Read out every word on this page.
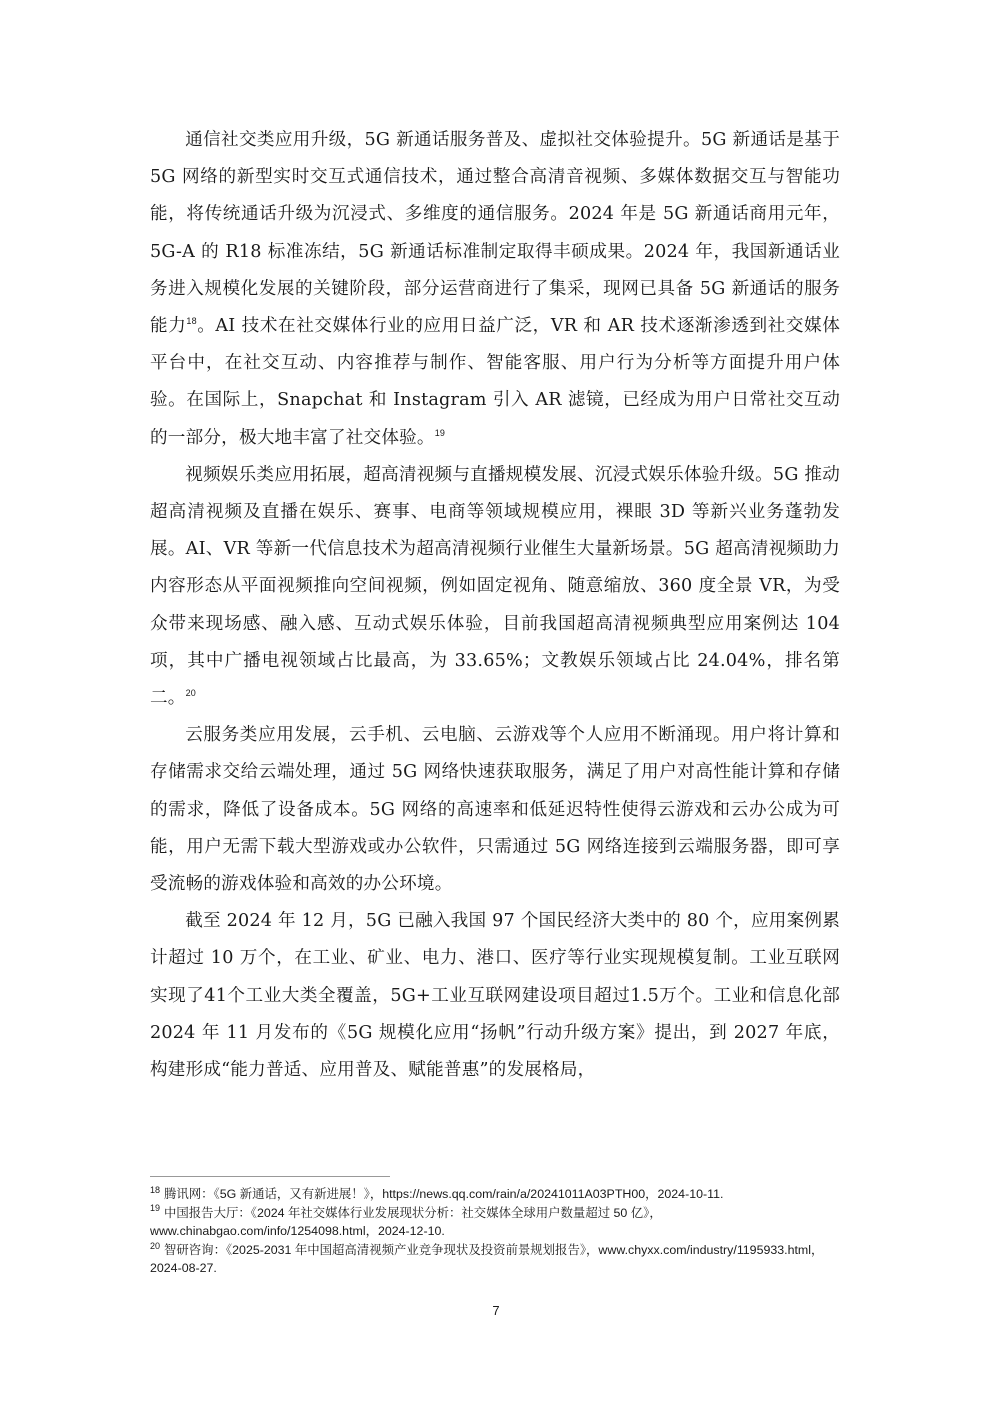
通信社交类应用升级，5G 新通话服务普及、虚拟社交体验提升。5G 新通话是基于 5G 网络的新型实时交互式通信技术，通过整合高清音视频、多媒体数据交互与智能功能，将传统通话升级为沉浸式、多维度的通信服务。2024 年是 5G 新通话商用元年，5G-A 的 R18 标准冻结，5G 新通话标准制定取得丰硕成果。2024 年，我国新通话业务进入规模化发展的关键阶段，部分运营商进行了集采，现网已具备 5G 新通话的服务能力$^{18}$。AI 技术在社交媒体行业的应用日益广泛，VR 和 AR 技术逐渐渗透到社交媒体平台中，在社交互动、内容推荐与制作、智能客服、用户行为分析等方面提升用户体验。在国际上，Snapchat 和 Instagram 引入 AR 滤镜，已经成为用户日常社交互动的一部分，极大地丰富了社交体验。$^{19}$

视频娱乐类应用拓展，超高清视频与直播规模发展、沉浸式娱乐体验升级。5G 推动超高清视频及直播在娱乐、赛事、电商等领域规模应用，裸眼 3D 等新兴业务蓬勃发展。AI、VR 等新一代信息技术为超高清视频行业催生大量新场景。5G 超高清视频助力内容形态从平面视频推向空间视频，例如固定视角、随意缩放、360 度全景 VR，为受众带来现场感、融入感、互动式娱乐体验，目前我国超高清视频典型应用案例达 104 项，其中广播电视领域占比最高，为 33.65%；文教娱乐领域占比 24.04%，排名第二。$^{20}$

云服务类应用发展，云手机、云电脑、云游戏等个人应用不断涌现。用户将计算和存储需求交给云端处理，通过 5G 网络快速获取服务，满足了用户对高性能计算和存储的需求，降低了设备成本。5G 网络的高速率和低延迟特性使得云游戏和云办公成为可能，用户无需下载大型游戏或办公软件，只需通过 5G 网络连接到云端服务器，即可享受流畅的游戏体验和高效的办公环境。

截至 2024 年 12 月，5G 已融入我国 97 个国民经济大类中的 80 个，应用案例累计超过 10 万个，在工业、矿业、电力、港口、医疗等行业实现规模复制。工业互联网实现了41个工业大类全覆盖，5G+工业互联网建设项目超过1.5万个。工业和信息化部 2024 年 11 月发布的《5G 规模化应用“扬帆”行动升级方案》提出，到 2027 年底，构建形成“能力普适、应用普及、赋能普惠”的发展格局，

$^{18}$ 腾讯网：《5G 新通话，又有新进展！》，https://news.qq.com/rain/a/20241011A03PTH00，2024-10-11.

$^{19}$ 中国报告大厅：《2024 年社交媒体行业发展现状分析：社交媒体全球用户数量超过 50 亿》，www.chinabgao.com/info/1254098.html，2024-12-10.

$^{20}$ 智研咨询：《2025-2031 年中国超高清视频产业竞争现状及投资前景规划报告》，www.chyxx.com/industry/1195933.html，2024-08-27.

7
